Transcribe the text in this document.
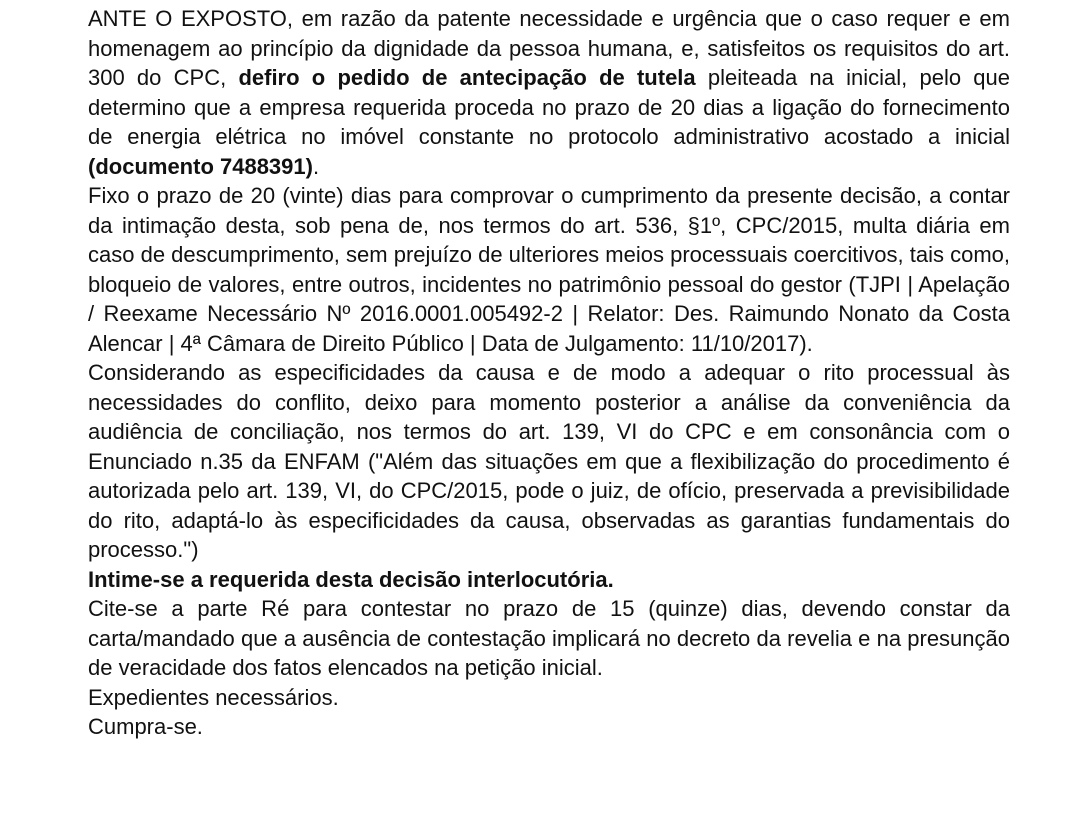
ANTE O EXPOSTO, em razão da patente necessidade e urgência que o caso requer e em homenagem ao princípio da dignidade da pessoa humana, e, satisfeitos os requisitos do art. 300 do CPC, defiro o pedido de antecipação de tutela pleiteada na inicial, pelo que determino que a empresa requerida proceda no prazo de 20 dias a ligação do fornecimento de energia elétrica no imóvel constante no protocolo administrativo acostado a inicial (documento 7488391).

Fixo o prazo de 20 (vinte) dias para comprovar o cumprimento da presente decisão, a contar da intimação desta, sob pena de, nos termos do art. 536, §1º, CPC/2015, multa diária em caso de descumprimento, sem prejuízo de ulteriores meios processuais coercitivos, tais como, bloqueio de valores, entre outros, incidentes no patrimônio pessoal do gestor (TJPI | Apelação / Reexame Necessário Nº 2016.0001.005492-2 | Relator: Des. Raimundo Nonato da Costa Alencar | 4ª Câmara de Direito Público | Data de Julgamento: 11/10/2017).

Considerando as especificidades da causa e de modo a adequar o rito processual às necessidades do conflito, deixo para momento posterior a análise da conveniência da audiência de conciliação, nos termos do art. 139, VI do CPC e em consonância com o Enunciado n.35 da ENFAM ("Além das situações em que a flexibilização do procedimento é autorizada pelo art. 139, VI, do CPC/2015, pode o juiz, de ofício, preservada a previsibilidade do rito, adaptá-lo às especificidades da causa, observadas as garantias fundamentais do processo.")

Intime-se a requerida desta decisão interlocutória.

Cite-se a parte Ré para contestar no prazo de 15 (quinze) dias, devendo constar da carta/mandado que a ausência de contestação implicará no decreto da revelia e na presunção de veracidade dos fatos elencados na petição inicial.

Expedientes necessários.

Cumpra-se.
